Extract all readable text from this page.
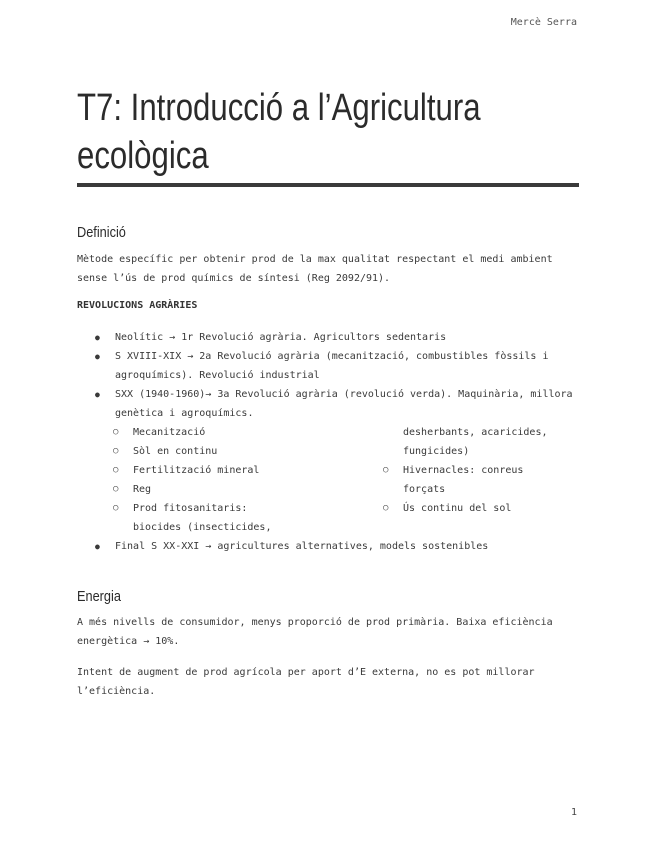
Mercè Serra
T7: Introducció a l’Agricultura ecològica
Definició

Mètode específic per obtenir prod de la max qualitat respectant el medi ambient sense l’ús de prod químics de síntesi (Reg 2092/91).

REVOLUCIONS AGRÀRIES

● Neolític → 1r Revolució agrària. Agricultors sedentaris
● S XVIII-XIX → 2a Revolució agrària (mecanització, combustibles fòssils i agroquímics). Revolució industrial
● SXX (1940-1960)→ 3a Revolució agrària (revolució verda). Maquinària, millora genètica i agroquímics.
○ Mecanització
○ Sòl en continu
○ Fertilització mineral
○ Reg
○ Prod fitosanitaris: biocides (insecticides,
desherbants, acaricides, fungicides)
○ Hivernacles: conreus forçats
○ Ús continu del sol
● Final S XX-XXI → agricultures alternatives, models sostenibles
Energia

A més nivells de consumidor, menys proporció de prod primària. Baixa eficiència energètica → 10%.

Intent de augment de prod agrícola per aport d’E externa, no es pot millorar l’eficiència.

1
